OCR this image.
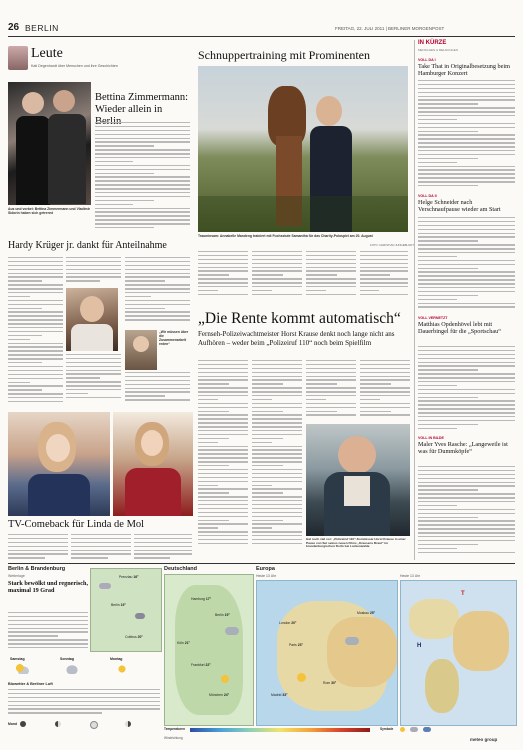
26 BERLIN	FREITAG, 22. JULI 2011 | BERLINER MORGENPOST
Leute
Kati Degenhardt über Menschen und ihre Geschichten
Aus und vorbei: Bettina Zimmermann und Vladimir Sidorin haben sich getrennt
Bettina Zimmermann: Wieder allein in
Hardy Krüger jr. dankt für Anteilnahme
„Wir müssen über die Zusammenarbeit reden“
TV-Comeback für Linda de Mol
Schnuppertraining mit Prominenten
Trauminsam: Annabelle Mandeng trainiert mit Fuchsstute Samantha für das Charity-Polospiel am 20. August
FOTO: CHRISTIAN JUNGEBLODT
„Die Rente kommt automatisch“
Fernseh-Polizeiwachtmeister Horst Krause denkt noch lange nicht ans Aufhören – weder beim „Polizeiruf 110“ noch beim Spielfilm
Hat noch viel vor: „Polizeiruf 110“-Kommissar Horst Krause in einer Pause von Set seines neuen Films „Krausens Braut“ im brandenburgischen Dorfe bei Luckenwalde
IN KÜRZE
MENSCHEN & MELDUNGEN
VOLL DA I
Take That in Originalbesetzung beim Hamburger Konzert
VOLL DA II
Helge Schneider nach Verschnaufpause wieder am Start
VOLL VERNETZT
Matthias Opdenhövel lebt mit Dauerbingel für die „Sportschau“
VOLL IN BILDE
Maler Yves Rasche: „Langeweile ist was für Dummköpfe“
Berlin & Brandenburg
Wetterlage
Stark bewölkt und regnerisch, maximal 19 Grad
Prenzlau 16°
Berlin 19°
Cottbus 20°
Samstag	Sonntag	Montag
Biowetter & Berliner Luft
Mond
Deutschland
Hamburg 17°
Berlin 19°
Köln 21°
Frankfurt 22°
München 24°
Europa
Heute 13 Uhr
London 20°
Paris 23°
Rom 30°
Madrid 33°
Moskau 25°
Heute 13 Uhr
T
H
Temperaturen	Symbole
Windrichtung	meteo group
